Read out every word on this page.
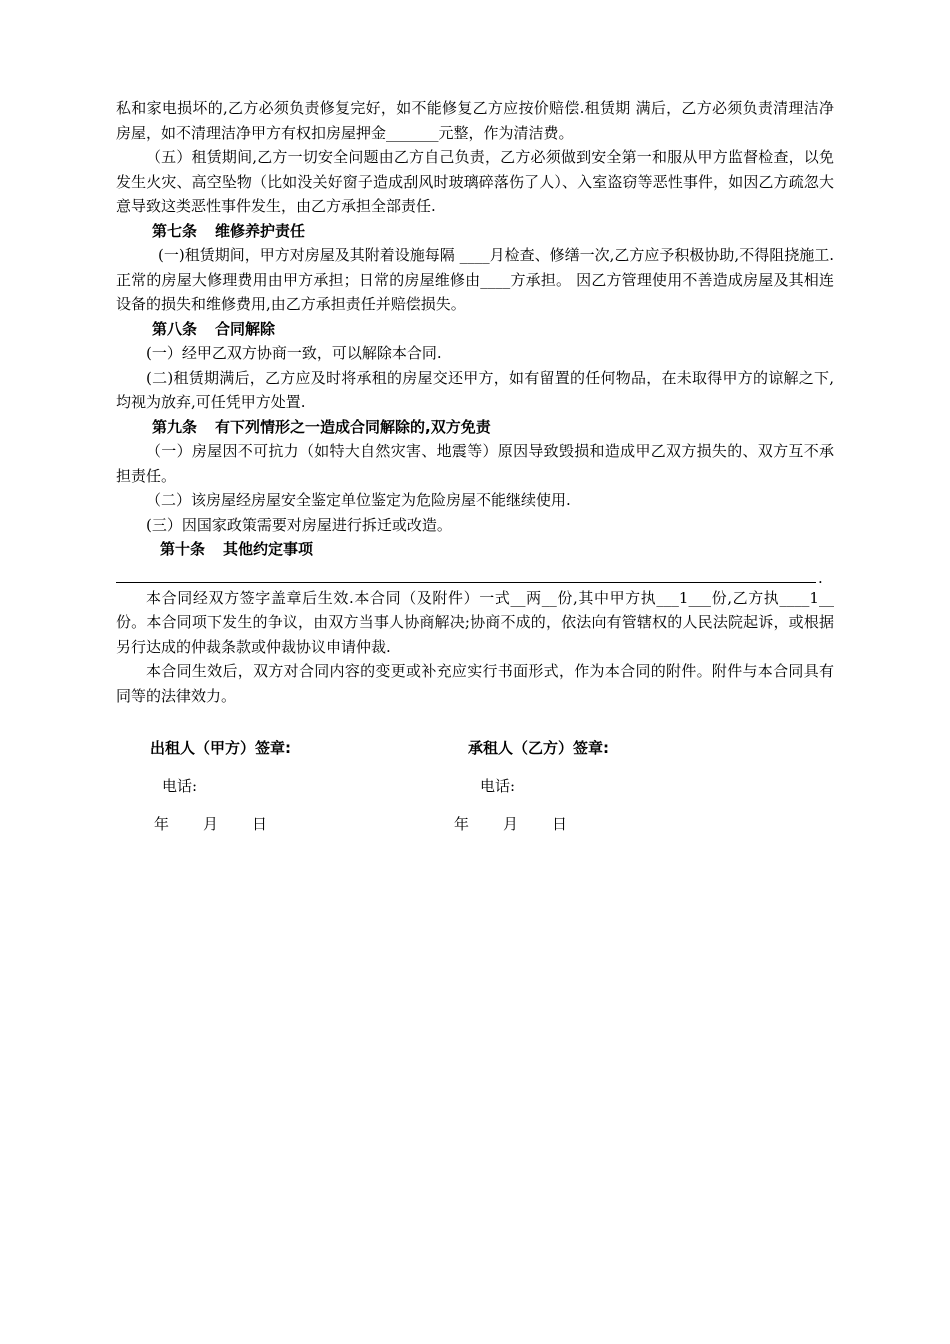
私和家电损坏的,乙方必须负责修复完好，如不能修复乙方应按价赔偿.租赁期 满后，乙方必须负责清理洁净房屋，如不清理洁净甲方有权扣房屋押金_______元整，作为清洁费。

（五）租赁期间,乙方一切安全问题由乙方自己负责，乙方必须做到安全第一和服从甲方监督检查，以免发生火灾、高空坠物（比如没关好窗子造成刮风时玻璃碎落伤了人）、入室盗窃等恶性事件，如因乙方疏忽大意导致这类恶性事件发生，由乙方承担全部责任.

第七条 维修养护责任

(一)租赁期间，甲方对房屋及其附着设施每隔 ____月检查、修缮一次,乙方应予积极协助,不得阻挠施工. 正常的房屋大修理费用由甲方承担；日常的房屋维修由____方承担。 因乙方管理使用不善造成房屋及其相连设备的损失和维修费用,由乙方承担责任并赔偿损失。

第八条 合同解除

(一）经甲乙双方协商一致，可以解除本合同.

(二)租赁期满后，乙方应及时将承租的房屋交还甲方，如有留置的任何物品，在未取得甲方的谅解之下,均视为放弃,可任凭甲方处置.

第九条 有下列情形之一造成合同解除的,双方免责

（一）房屋因不可抗力（如特大自然灾害、地震等）原因导致毁损和造成甲乙双方损失的、双方互不承担责任。

（二）该房屋经房屋安全鉴定单位鉴定为危险房屋不能继续使用.

(三）因国家政策需要对房屋进行拆迁或改造。

第十条 其他约定事项

.

本合同经双方签字盖章后生效.本合同（及附件）一式__两__份,其中甲方执___1___份,乙方执____1__份。本合同项下发生的争议，由双方当事人协商解决;协商不成的，依法向有管辖权的人民法院起诉，或根据另行达成的仲裁条款或仲裁协议申请仲裁.

本合同生效后，双方对合同内容的变更或补充应实行书面形式，作为本合同的附件。附件与本合同具有同等的法律效力。

出租人（甲方）签章:	承租人（乙方）签章:
电话:	电话:
年 月 日	年 月 日
